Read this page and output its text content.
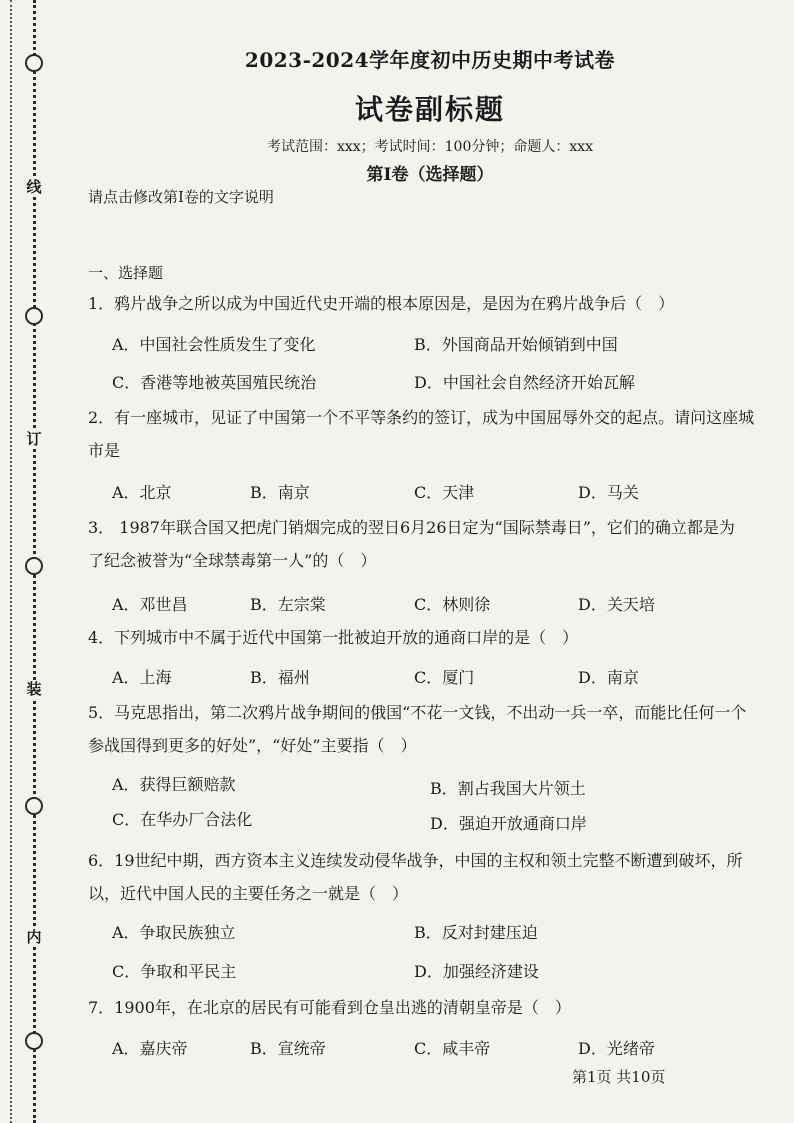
线
订
装
内
2023-2024学年度初中历史期中考试卷
试卷副标题
考试范围：xxx；考试时间：100分钟；命题人：xxx
第Ⅰ卷（选择题）
请点击修改第Ⅰ卷的文字说明
一、选择题
1．鸦片战争之所以成为中国近代史开端的根本原因是，是因为在鸦片战争后（　）
A．中国社会性质发生了变化	B．外国商品开始倾销到中国
C．香港等地被英国殖民统治	D．中国社会自然经济开始瓦解
2．有一座城市，见证了中国第一个不平等条约的签订，成为中国屈辱外交的起点。请问这座城
市是
A．北京	B．南京	C．天津	D．马关
3． 1987年联合国又把虎门销烟完成的翌日6月26日定为“国际禁毒日”，它们的确立都是为
了纪念被誉为“全球禁毒第一人”的（　）
A．邓世昌	B．左宗棠	C．林则徐	D．关天培
4．下列城市中不属于近代中国第一批被迫开放的通商口岸的是（　）
A．上海	B．福州	C．厦门	D．南京
5．马克思指出，第二次鸦片战争期间的俄国“不花一文钱，不出动一兵一卒，而能比任何一个
参战国得到更多的好处”，“好处”主要指（　）
A．获得巨额赔款	B．割占我国大片领土
C．在华办厂合法化	D．强迫开放通商口岸
6．19世纪中期，西方资本主义连续发动侵华战争，中国的主权和领土完整不断遭到破坏，所
以，近代中国人民的主要任务之一就是（　）
A．争取民族独立	B．反对封建压迫
C．争取和平民主	D．加强经济建设
7．1900年，在北京的居民有可能看到仓皇出逃的清朝皇帝是（　）
A．嘉庆帝	B．宣统帝	C．咸丰帝	D．光绪帝
第1页 共10页
